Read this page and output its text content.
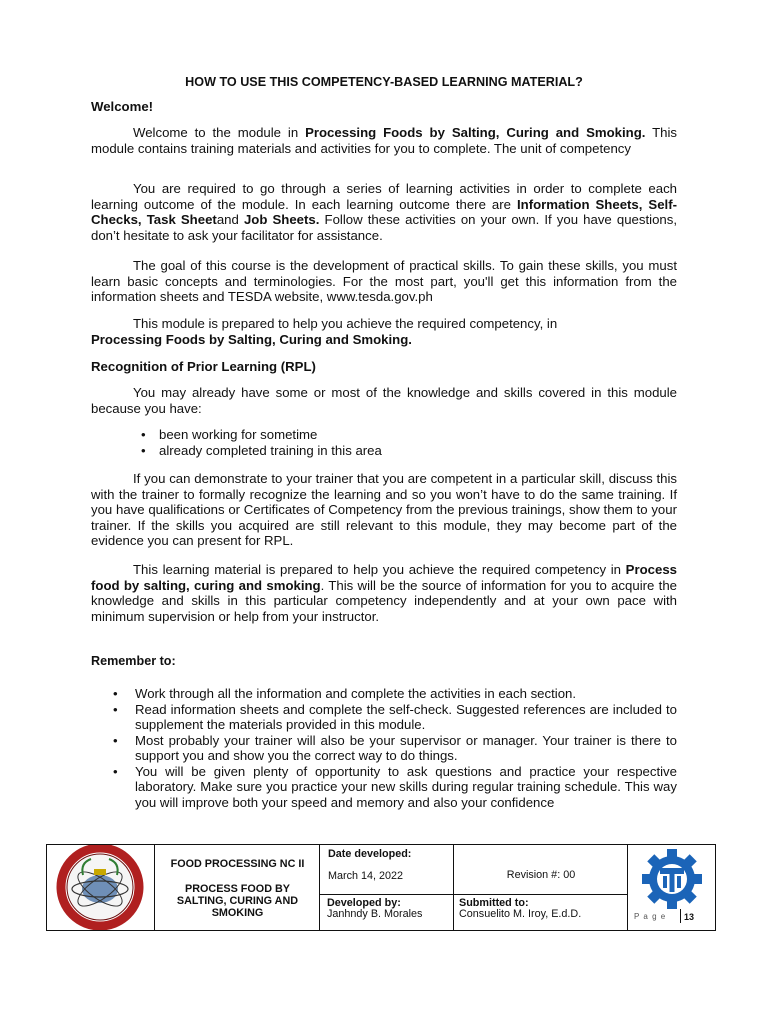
HOW TO USE THIS COMPETENCY-BASED LEARNING MATERIAL?
Welcome!
Welcome to the module in Processing Foods by Salting, Curing and Smoking. This module contains training materials and activities for you to complete. The unit of competency
You are required to go through a series of learning activities in order to complete each learning outcome of the module. In each learning outcome there are Information Sheets, Self-Checks, Task Sheetand Job Sheets. Follow these activities on your own. If you have questions, don’t hesitate to ask your facilitator for assistance.
The goal of this course is the development of practical skills. To gain these skills, you must learn basic concepts and terminologies. For the most part, you'll get this information from the information sheets and TESDA website, www.tesda.gov.ph
This module is prepared to help you achieve the required competency, in
Processing Foods by Salting, Curing and Smoking.
Recognition of Prior Learning (RPL)
You may already have some or most of the knowledge and skills covered in this module because you have:
• been working for sometime
• already completed training in this area
If you can demonstrate to your trainer that you are competent in a particular skill, discuss this with the trainer to formally recognize the learning and so you won’t have to do the same training. If you have qualifications or Certificates of Competency from the previous trainings, show them to your trainer. If the skills you acquired are still relevant to this module, they may become part of the evidence you can present for RPL.
This learning material is prepared to help you achieve the required competency in Process food by salting, curing and smoking. This will be the source of information for you to acquire the knowledge and skills in this particular competency independently and at your own pace with minimum supervision or help from your instructor.
Remember to:
• Work through all the information and complete the activities in each section.
• Read information sheets and complete the self-check. Suggested references are included to supplement the materials provided in this module.
• Most probably your trainer will also be your supervisor or manager. Your trainer is there to support you and show you the correct way to do things.
• You will be given plenty of opportunity to ask questions and practice your respective laboratory. Make sure you practice your new skills during regular training schedule. This way you will improve both your speed and memory and also your confidence
FOOD PROCESSING NC II
PROCESS FOOD BY SALTING, CURING AND SMOKING
Date developed:
March 14, 2022	Revision #: 00
Developed by:
Janhndy B. Morales
Submitted to:
Consuelito M. Iroy, E.d.D.	P a g e 13
